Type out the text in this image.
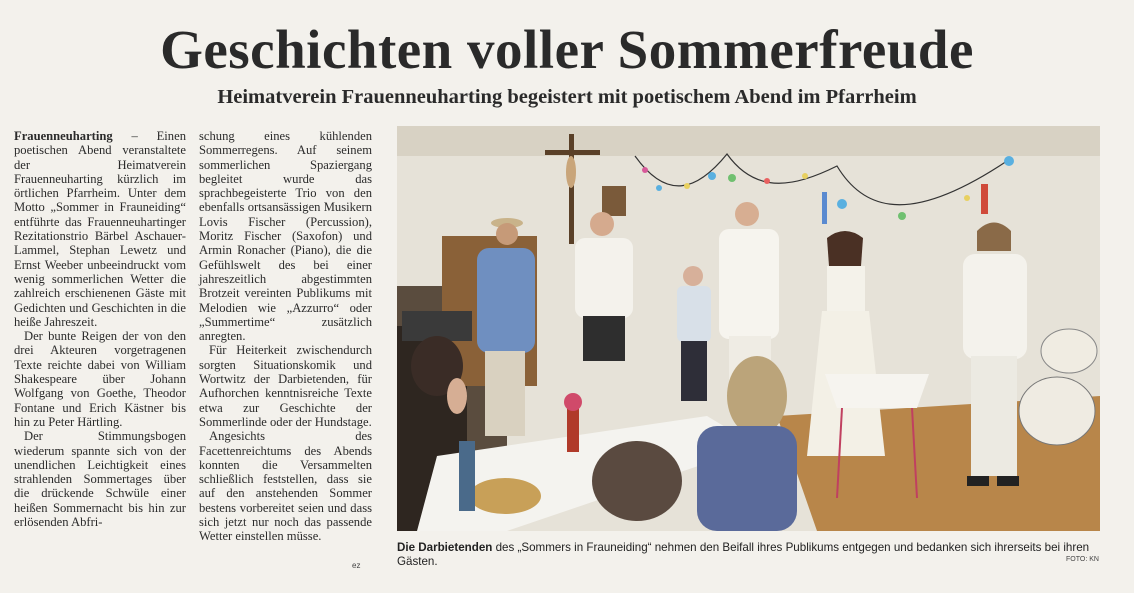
Geschichten voller Sommerfreude
Heimatverein Frauenneuharting begeistert mit poetischem Abend im Pfarrheim

Frauenneuharting – Einen poetischen Abend veranstaltete der Heimatverein Frauenneuharting kürzlich im örtlichen Pfarrheim. Unter dem Motto „Sommer in Frauneiding“ entführte das Frauenneuhartinger Rezitationstrio Bärbel Aschauer-Lammel, Stephan Lewetz und Ernst Weeber unbeeindruckt vom wenig sommerlichen Wetter die zahlreich erschienenen Gäste mit Gedichten und Geschichten in die heiße Jahreszeit.

Der bunte Reigen der von den drei Akteuren vorgetragenen Texte reichte dabei von William Shakespeare über Johann Wolfgang von Goethe, Theodor Fontane und Erich Kästner bis hin zu Peter Härtling.

Der Stimmungsbogen wiederum spannte sich von der unendlichen Leichtigkeit eines strahlenden Sommertages über die drückende Schwüle einer heißen Sommernacht bis hin zur erlösenden Abfri-

schung eines kühlenden Sommerregens. Auf seinem sommerlichen Spaziergang begleitet wurde das sprachbegeisterte Trio von den ebenfalls ortsansässigen Musikern Lovis Fischer (Percussion), Moritz Fischer (Saxofon) und Armin Ronacher (Piano), die die Gefühlswelt des bei einer jahreszeitlich abgestimmten Brotzeit vereinten Publikums mit Melodien wie „Azzurro“ oder „Summertime“ zusätzlich anregten.

Für Heiterkeit zwischendurch sorgten Situationskomik und Wortwitz der Darbietenden, für Aufhorchen kenntnisreiche Texte etwa zur Geschichte der Sommerlinde oder der Hundstage.

Angesichts des Facettenreichtums des Abends konnten die Versammelten schließlich feststellen, dass sie auf den anstehenden Sommer bestens vorbereitet seien und dass sich jetzt nur noch das passende Wetter einstellen müsse.

ez
Die Darbietenden des „Sommers in Frauneiding“ nehmen den Beifall ihres Publikums entgegen und bedanken sich ihrerseits bei ihren Gästen.	FOTO: KN
